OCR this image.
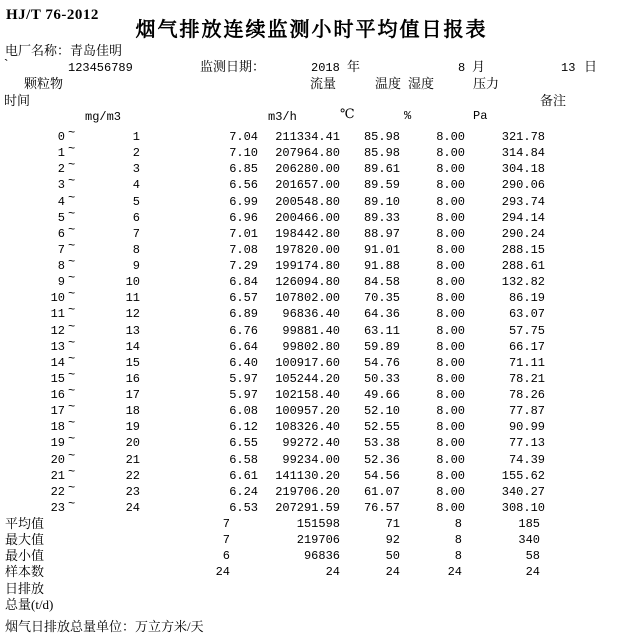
HJ/T 76-2012
烟气排放连续监测小时平均值日报表
电厂名称：青岛佳明
`	123456789	监测日期：	2018 年	8 月	13 日
颗粒物	流量	温度 湿度	压力
时间	备注
mg/m3	m3/h	℃	%	Pa
0 ~	1	7.04	211334.41	85.98	8.00	321.78
1 ~	2	7.10	207964.80	85.98	8.00	314.84
2 ~	3	6.85	206280.00	89.61	8.00	304.18
3 ~	4	6.56	201657.00	89.59	8.00	290.06
4 ~	5	6.99	200548.80	89.10	8.00	293.74
5 ~	6	6.96	200466.00	89.33	8.00	294.14
6 ~	7	7.01	198442.80	88.97	8.00	290.24
7 ~	8	7.08	197820.00	91.01	8.00	288.15
8 ~	9	7.29	199174.80	91.88	8.00	288.61
9 ~	10	6.84	126094.80	84.58	8.00	132.82
10 ~	11	6.57	107802.00	70.35	8.00	86.19
11 ~	12	6.89	96836.40	64.36	8.00	63.07
12 ~	13	6.76	99881.40	63.11	8.00	57.75
13 ~	14	6.64	99802.80	59.89	8.00	66.17
14 ~	15	6.40	100917.60	54.76	8.00	71.11
15 ~	16	5.97	105244.20	50.33	8.00	78.21
16 ~	17	5.97	102158.40	49.66	8.00	78.26
17 ~	18	6.08	100957.20	52.10	8.00	77.87
18 ~	19	6.12	108326.40	52.55	8.00	90.99
19 ~	20	6.55	99272.40	53.38	8.00	77.13
20 ~	21	6.58	99234.00	52.36	8.00	74.39
21 ~	22	6.61	141130.20	54.56	8.00	155.62
22 ~	23	6.24	219706.20	61.07	8.00	340.27
23 ~	24	6.53	207291.59	76.57	8.00	308.10
平均值	7	151598	71	8	185
最大值	7	219706	92	8	340
最小值	6	96836	50	8	58
样本数	24	24	24	24	24
日排放
总量(t/d)
烟气日排放总量单位：万立方米/天
